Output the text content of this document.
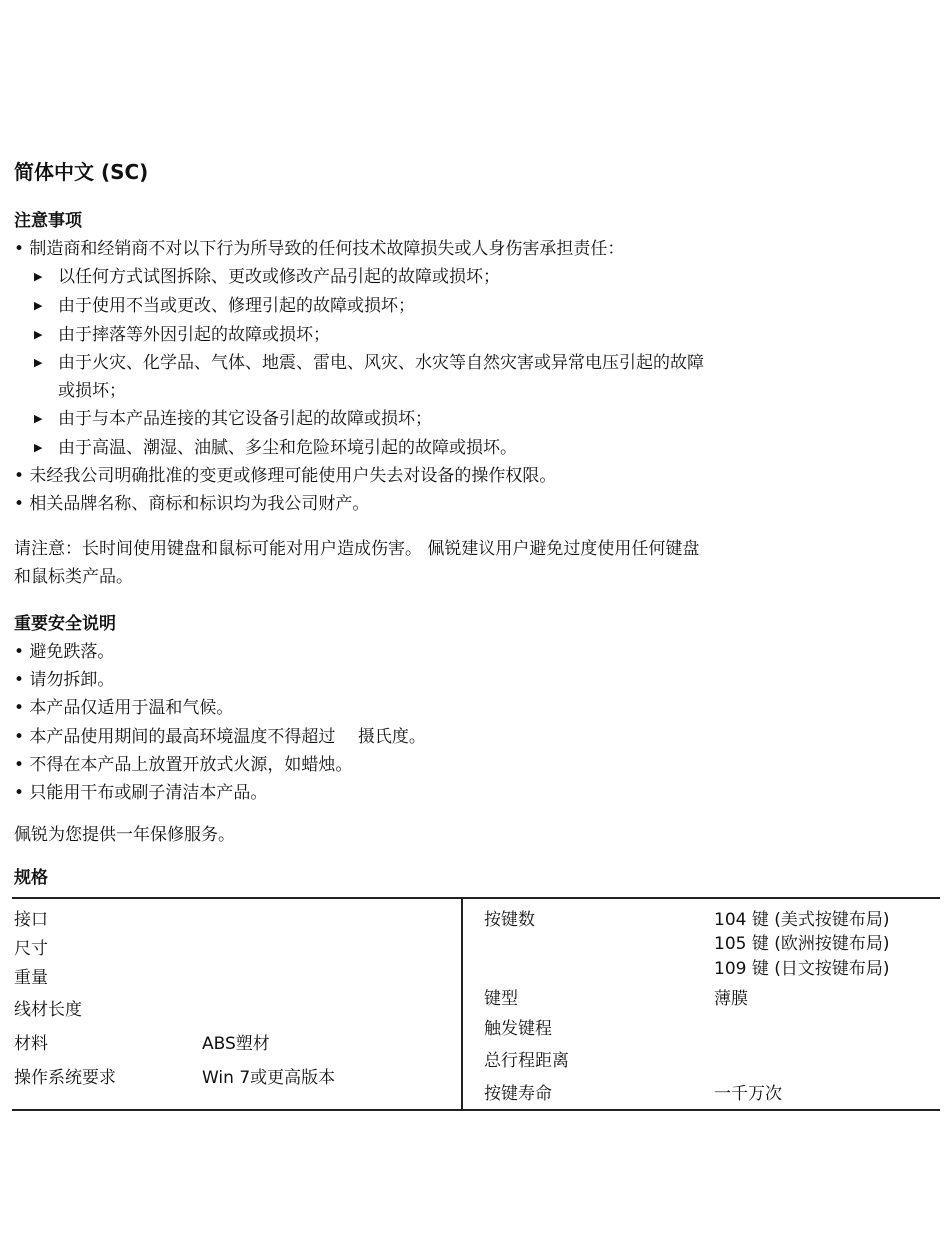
简体中文 (SC)
注意事项
• 制造商和经销商不对以下行为所导致的任何技术故障损失或人身伤害承担责任：
▶ 以任何方式试图拆除、更改或修改产品引起的故障或损坏；
▶ 由于使用不当或更改、修理引起的故障或损坏；
▶ 由于摔落等外因引起的故障或损坏；
▶ 由于火灾、化学品、气体、地震、雷电、风灾、水灾等自然灾害或异常电压引起的故障
或损坏；
▶ 由于与本产品连接的其它设备引起的故障或损坏；
▶ 由于高温、潮湿、油腻、多尘和危险环境引起的故障或损坏。
• 未经我公司明确批准的变更或修理可能使用户失去对设备的操作权限。
• 相关品牌名称、商标和标识均为我公司财产。
请注意：长时间使用键盘和鼠标可能对用户造成伤害。 佩锐建议用户避免过度使用任何键盘
和鼠标类产品。
重要安全说明
• 避免跌落。
• 请勿拆卸。
• 本产品仅适用于温和气候。
• 本产品使用期间的最高环境温度不得超过　 摄氏度。
• 不得在本产品上放置开放式火源，如蜡烛。
• 只能用干布或刷子清洁本产品。
佩锐为您提供一年保修服务。
规格
接口
尺寸
重量
线材长度
材料	ABS塑材
操作系统要求	Win 7或更高版本
按键数	104 键 (美式按键布局)
105 键 (欧洲按键布局)
109 键 (日文按键布局)
键型	薄膜
触发键程
总行程距离
按键寿命	一千万次
